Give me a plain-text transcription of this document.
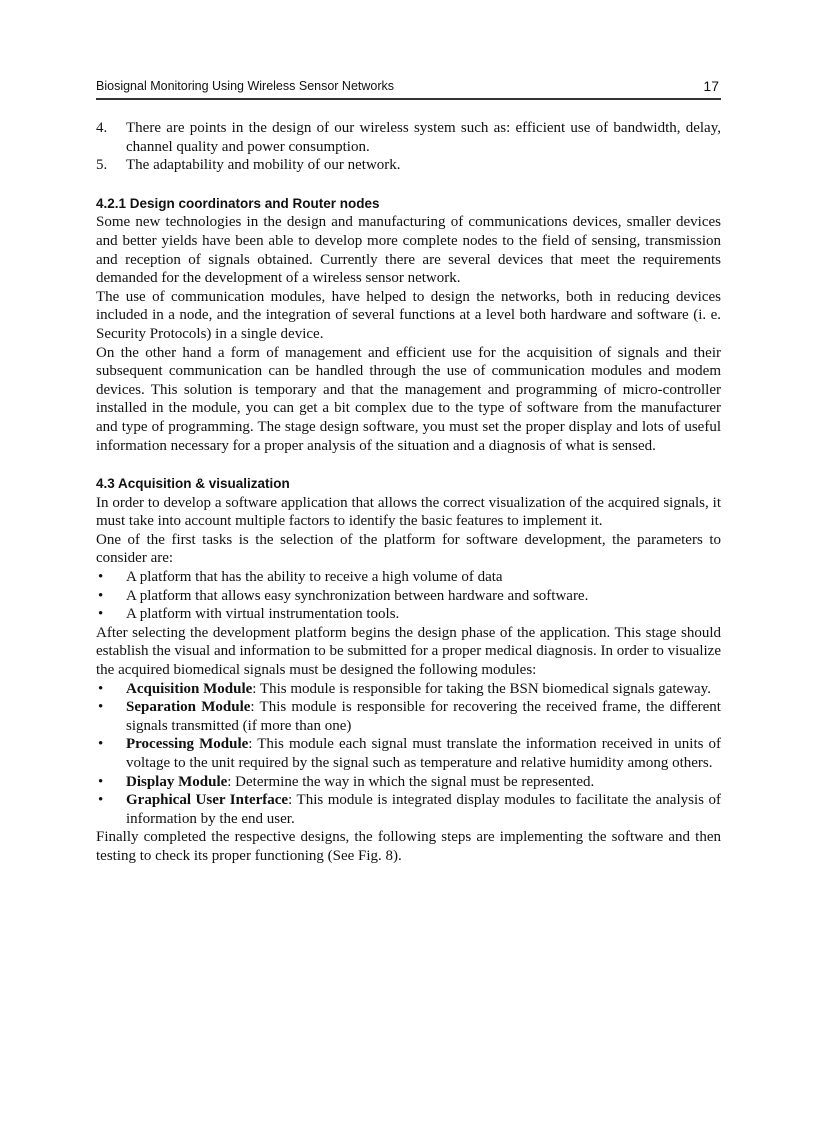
Biosignal Monitoring Using Wireless Sensor Networks	17
4.	There are points in the design of our wireless system such as: efficient use of bandwidth, delay, channel quality and power consumption.
5.	The adaptability and mobility of our network.
4.2.1 Design coordinators and Router nodes

Some new technologies in the design and manufacturing of communications devices, smaller devices and better yields have been able to develop more complete nodes to the field of sensing, transmission and reception of signals obtained. Currently there are several devices that meet the requirements demanded for the development of a wireless sensor network.

The use of communication modules, have helped to design the networks, both in reducing devices included in a node, and the integration of several functions at a level both hardware and software (i. e. Security Protocols) in a single device.

On the other hand a form of management and efficient use for the acquisition of signals and their subsequent communication can be handled through the use of communication modules and modem devices. This solution is temporary and that the management and programming of micro-controller installed in the module, you can get a bit complex due to the type of software from the manufacturer and type of programming. The stage design software, you must set the proper display and lots of useful information necessary for a proper analysis of the situation and a diagnosis of what is sensed.

4.3 Acquisition & visualization

In order to develop a software application that allows the correct visualization of the acquired signals, it must take into account multiple factors to identify the basic features to implement it.

One of the first tasks is the selection of the platform for software development, the parameters to consider are:

•	A platform that has the ability to receive a high volume of data
•	A platform that allows easy synchronization between hardware and software.
•	A platform with virtual instrumentation tools.

After selecting the development platform begins the design phase of the application. This stage should establish the visual and information to be submitted for a proper medical diagnosis. In order to visualize the acquired biomedical signals must be designed the following modules:

•	Acquisition Module: This module is responsible for taking the BSN biomedical signals gateway.
•	Separation Module: This module is responsible for recovering the received frame, the different signals transmitted (if more than one)
•	Processing Module: This module each signal must translate the information received in units of voltage to the unit required by the signal such as temperature and relative humidity among others.
•	Display Module: Determine the way in which the signal must be represented.
•	Graphical User Interface: This module is integrated display modules to facilitate the analysis of information by the end user.

Finally completed the respective designs, the following steps are implementing the software and then testing to check its proper functioning (See Fig. 8).
